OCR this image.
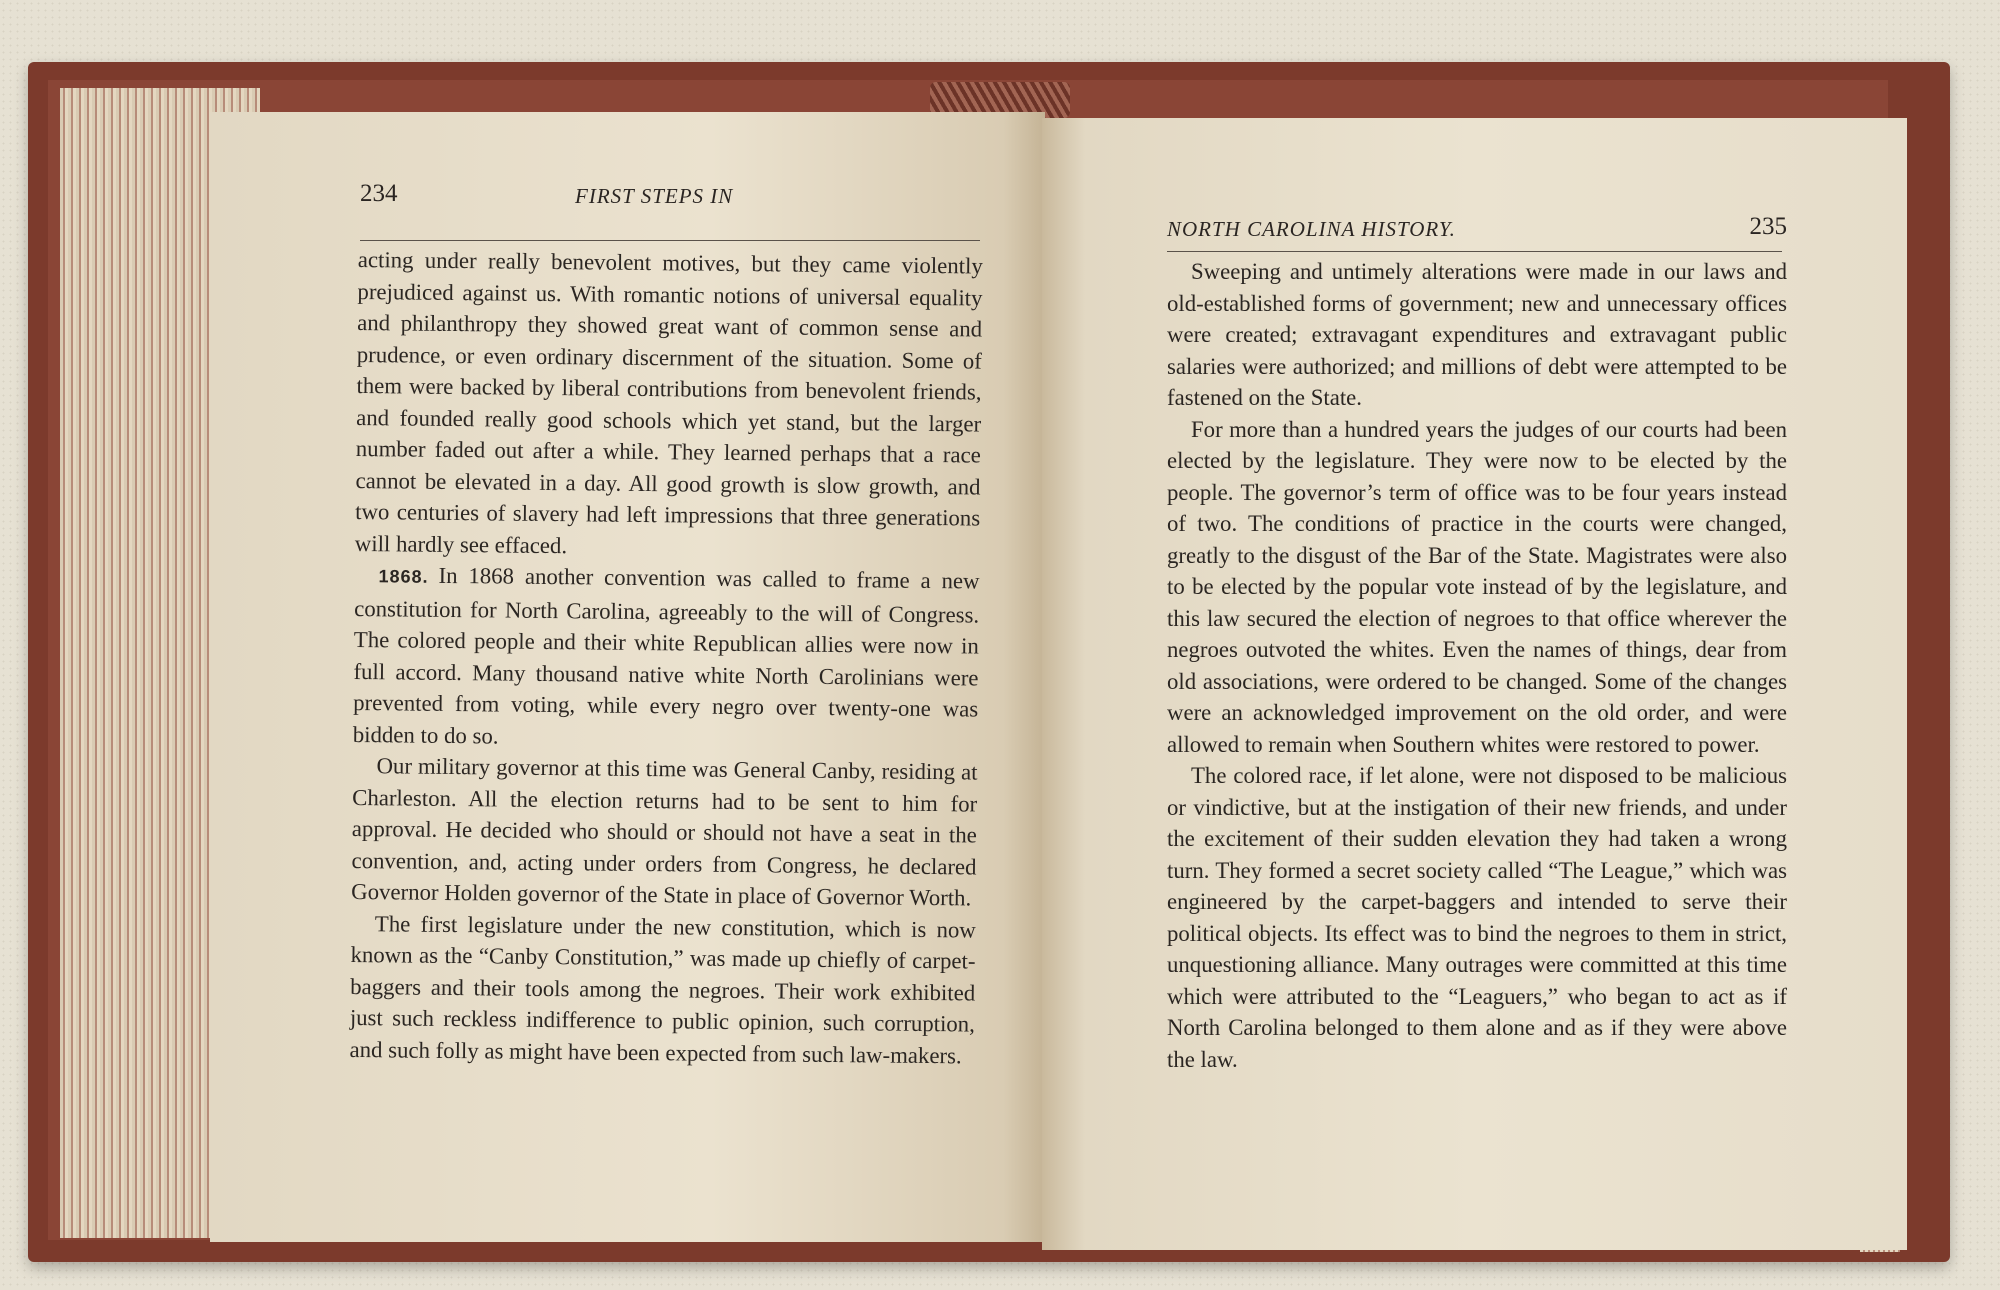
234	FIRST STEPS IN

acting under really benevolent motives, but they came violently prejudiced against us. With romantic notions of universal equality and philanthropy they showed great want of common sense and prudence, or even ordinary discernment of the situation. Some of them were backed by liberal contributions from benevolent friends, and founded really good schools which yet stand, but the larger number faded out after a while. They learned perhaps that a race cannot be elevated in a day. All good growth is slow growth, and two centuries of slavery had left impressions that three generations will hardly see effaced.

1868. In 1868 another convention was called to frame a new constitution for North Carolina, agreeably to the will of Congress. The colored people and their white Republican allies were now in full accord. Many thousand native white North Carolinians were prevented from voting, while every negro over twenty-one was bidden to do so.

Our military governor at this time was General Canby, residing at Charleston. All the election returns had to be sent to him for approval. He decided who should or should not have a seat in the convention, and, acting under orders from Congress, he declared Governor Holden governor of the State in place of Governor Worth.

The first legislature under the new constitution, which is now known as the “Canby Constitution,” was made up chiefly of carpet-baggers and their tools among the negroes. Their work exhibited just such reckless indifference to public opinion, such corruption, and such folly as might have been expected from such law-makers.

NORTH CAROLINA HISTORY.	235

Sweeping and untimely alterations were made in our laws and old-established forms of government; new and unnecessary offices were created; extravagant expenditures and extravagant public salaries were authorized; and millions of debt were attempted to be fastened on the State.

For more than a hundred years the judges of our courts had been elected by the legislature. They were now to be elected by the people. The governor’s term of office was to be four years instead of two. The conditions of practice in the courts were changed, greatly to the disgust of the Bar of the State. Magistrates were also to be elected by the popular vote instead of by the legislature, and this law secured the election of negroes to that office wherever the negroes outvoted the whites. Even the names of things, dear from old associations, were ordered to be changed. Some of the changes were an acknowledged improvement on the old order, and were allowed to remain when Southern whites were restored to power.

The colored race, if let alone, were not disposed to be malicious or vindictive, but at the instigation of their new friends, and under the excitement of their sudden elevation they had taken a wrong turn. They formed a secret society called “The League,” which was engineered by the carpet-baggers and intended to serve their political objects. Its effect was to bind the negroes to them in strict, unquestioning alliance. Many outrages were committed at this time which were attributed to the “Leaguers,” who began to act as if North Carolina belonged to them alone and as if they were above the law.
